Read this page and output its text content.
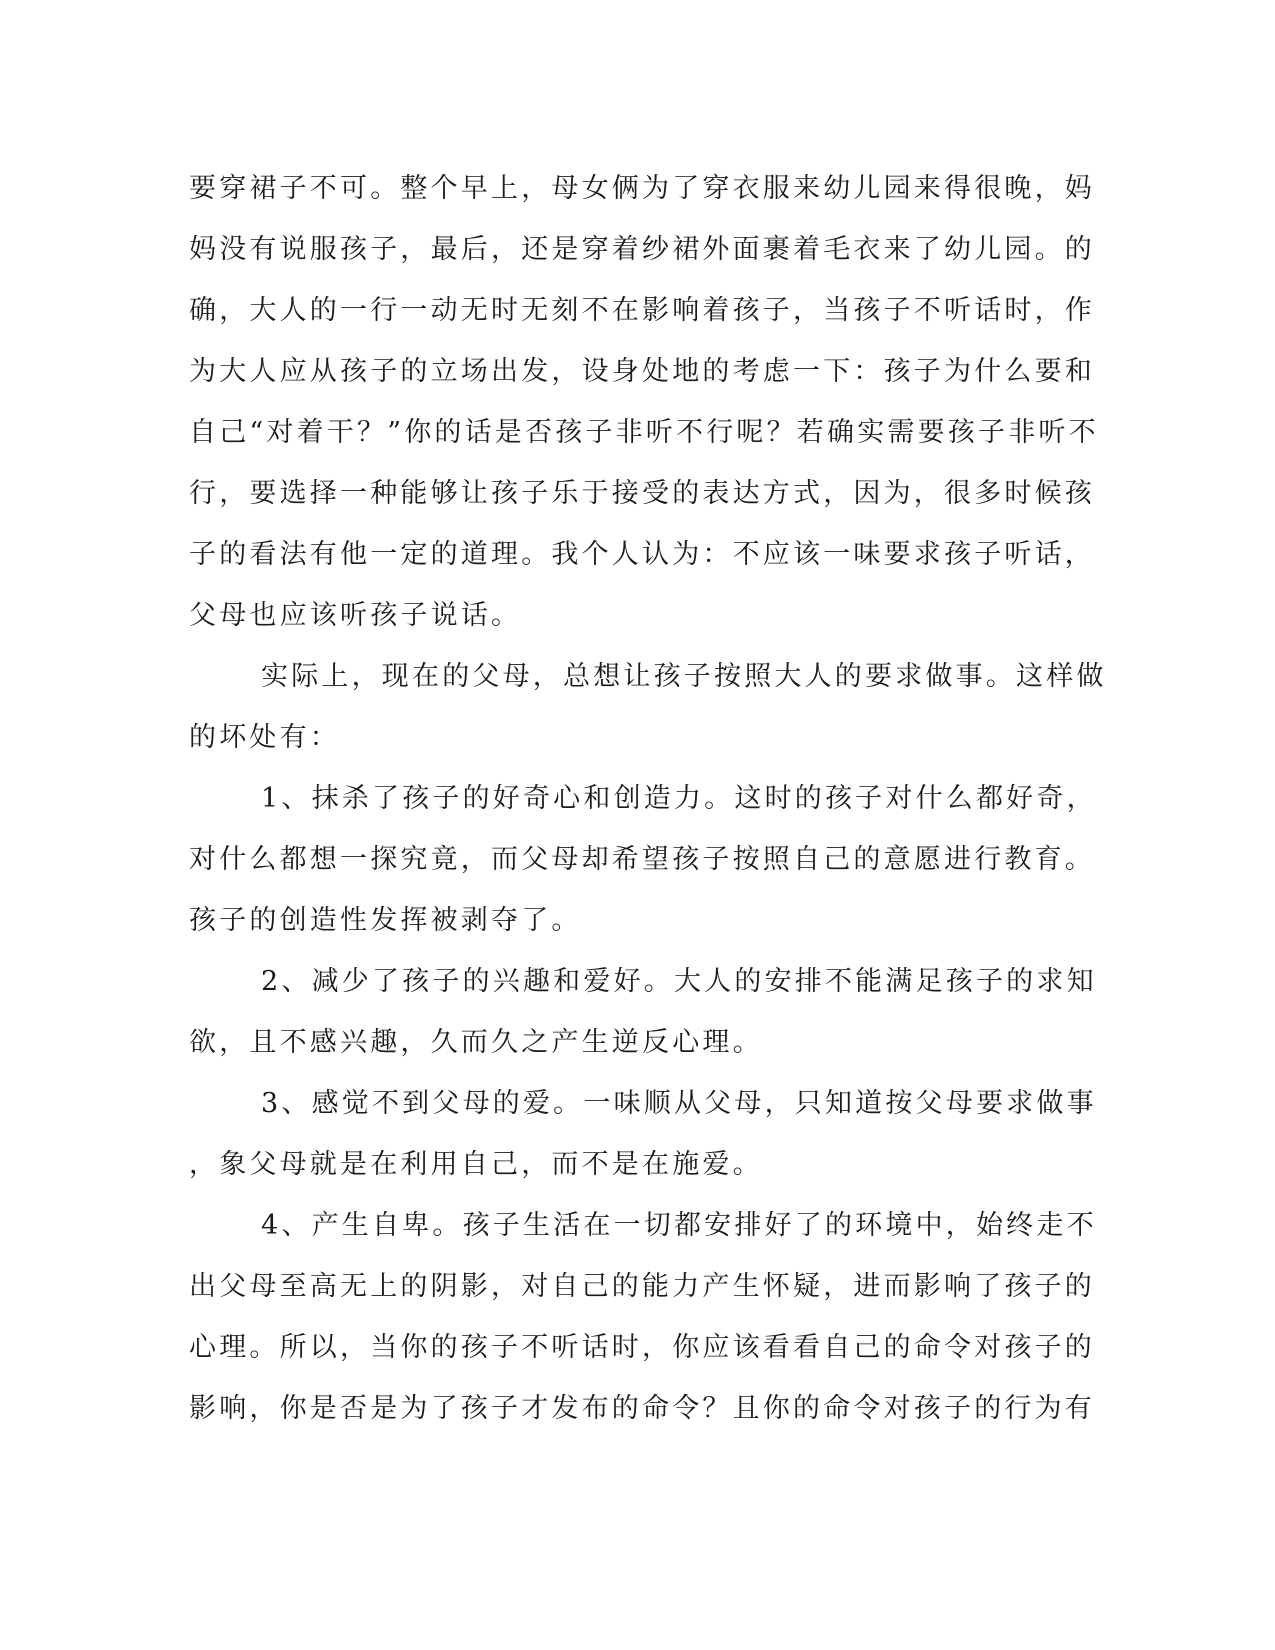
要穿裙子不可。整个早上，母女俩为了穿衣服来幼儿园来得很晚，妈
妈没有说服孩子，最后，还是穿着纱裙外面裹着毛衣来了幼儿园。的
确，大人的一行一动无时无刻不在影响着孩子，当孩子不听话时，作
为大人应从孩子的立场出发，设身处地的考虑一下：孩子为什么要和
自己“对着干？”你的话是否孩子非听不行呢？若确实需要孩子非听不
行，要选择一种能够让孩子乐于接受的表达方式，因为，很多时候孩
子的看法有他一定的道理。我个人认为：不应该一味要求孩子听话，
父母也应该听孩子说话。
实际上，现在的父母，总想让孩子按照大人的要求做事。这样做
的坏处有：
1、抹杀了孩子的好奇心和创造力。这时的孩子对什么都好奇，
对什么都想一探究竟，而父母却希望孩子按照自己的意愿进行教育。
孩子的创造性发挥被剥夺了。
2、减少了孩子的兴趣和爱好。大人的安排不能满足孩子的求知
欲，且不感兴趣，久而久之产生逆反心理。
3、感觉不到父母的爱。一味顺从父母，只知道按父母要求做事
，象父母就是在利用自己，而不是在施爱。
4、产生自卑。孩子生活在一切都安排好了的环境中，始终走不
出父母至高无上的阴影，对自己的能力产生怀疑，进而影响了孩子的
心理。所以，当你的孩子不听话时，你应该看看自己的命令对孩子的
影响，你是否是为了孩子才发布的命令？且你的命令对孩子的行为有
